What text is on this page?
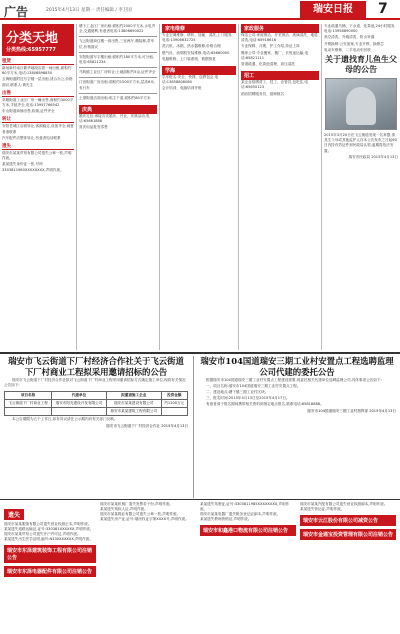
广告	2015年4月13日 星期一 责任编辑 / 李卫国	瑞安日报	7
分类天地
分类热线:65957777
租赁
新场新村南区繁华地段店面一间出租,面积约60平方米,电话:13806898850
玉海街道附近写字楼一层出租,适合办公,价格面议,联系人:黄先生
出售
莘塍街道工业区厂房一幢出售,面积约3000平方米,手续齐全,电话:13957766542
东山街道商铺出售,临街,证件齐全
转让
安阳老城区店面转让,客源稳定,设备齐全,诚意者请联系
汽车配件店整体转让,有意者电话联系
遗失
瑞安市某某贸易有限公司遗失公章一枚,声明作废。
某某遗失身份证一张,号码3303811980XXXXXXXX,声明作废。
塘下工业区厂房出租:面积约2000平方米,水电齐全,交通便利,有意者电话:13806690022
飞云街道商住楼一套出售,三室两厅,精装修,带车位,价格面议
安阳街道写字楼出租:面积约180平方米,可分租,电话:65821234
马屿镇工业区厂房转让:土地面积约5亩,证件齐全
汀田街道厂房出租:面积约1500平方米,层高6米,有行车
上望街道店面出租:临主干道,面积约80平方米
庆典
婚庆礼仪:承接各类婚庆、开业、庆典活动,电话:65661888
喜庆用品批发零售
家电维修
专业空调维修、移机、加氟、清洗,上门服务,电话:13906632725
洗衣机、冰箱、热水器维修,价格合理
燃气灶、油烟机安装维修,电话:65660000
电脑维修、上门装系统、数据恢复
学海
学车报名:安全、快捷、包教包会,电话:13858808080
会计培训、电脑培训开班
家政服务
保洁公司:家庭保洁、开荒保洁、玻璃清洗、地毯清洗,电话:65916616
专业保姆、月嫂、护工介绍,持证上岗
搬家公司:专业搬家、搬厂、长短途运输,电话:65821111
管道疏通、化粪池清理、高压清洗
招工
某企业招聘普工、技工、仓管员,包吃住,电话:65650123
酒店招聘服务员、厨师数名
专业疏通马桶、下水道、化粪池,24小时服务,电话:13958890000
高空清洗、外墙清洗、防水补漏
开锁换锁:公安备案,专业开锁、换锁芯
电动车维修、二手电动车回收
关于遗找育儿鱼生父母的公告
2015年3月20日在飞云街道发现一名弃婴,请其生父母或其他监护人自本公告发布之日起60日内持有效证件到民政局认领,逾期将依法安置。
瑞安市民政局 2015年4月13日
瑞安市飞云街道下厂村经济合作社关于飞云街道下厂村商业工程拟采用邀请招标的公告
瑞安市飞云街道下厂村经济合作社拟对飞云街道下厂村商业工程采用邀请招标方式确定施工单位,现将有关情况公告如下:
项目名称	代建单位	拟邀请施工企业	投资金额
飞云街道下厂村商业工程	瑞安市阳光建设开发有限公司	瑞安市某某建设有限公司	约1200万元
		瑞安市某某建筑工程有限公司	
本公告期限为五个工作日,如有异议请在公示期内向有关部门反映。
瑞安市飞云街道下厂村经济合作社 2015年4月13日
瑞安市104国道瑞安三期工业村安置点工程选聘监理公司代建的委托公告
根据瑞安市104国道瑞安三期工业村安置点工程建设需要,现委托相关代建单位选聘监理公司,具体事项公告如下:
一、项目名称:瑞安市104国道瑞安三期工业村安置点工程。
二、建设地点:塘下镇三期工业村区块。
三、报名时间:2015年4月13日至2015年4月17日。
有意者请于报名期间携带相关资料到指定地点报名,联系电话:65818888。
瑞安市104国道瑞安三期工业村指挥部 2015年4月13日
遗失
瑞安市某某服饰有限公司遗失营业执照正本,声明作废。
某某遗失道路运输证,证号:330381XXXXXX,声明作废。
瑞安市某某贸易公司遗失开户许可证,声明作废。
某某遗失出生医学证明,编号:N330XXXXXX,声明作废。
瑞安市东泽建筑装饰工程有限公司注销公告
瑞安市东泽电器配件有限公司注销公告
瑞安市某某机械厂遗失发票若干份,声明作废。
某某遗失残疾人证,声明作废。
瑞安市某某鞋业有限公司遗失公章一枚,声明作废。
某某遗失房产证,证号:瑞房权证字第XXXX号,声明作废。
某某遗失驾驶证,证号:3303811985XXXXXXXX,声明作废。
瑞安市某某电器厂遗失税务登记证副本,声明作废。
某某遗失教师资格证,声明作废。
瑞安市和鑫港口物流有限公司注销公告
瑞安市某某汽配有限公司遗失营业执照副本,声明作废。
某某遗失营运证,声明作废。
瑞安市云江股份有限公司减资公告
瑞安市金通宝投资管理有限公司注销公告
